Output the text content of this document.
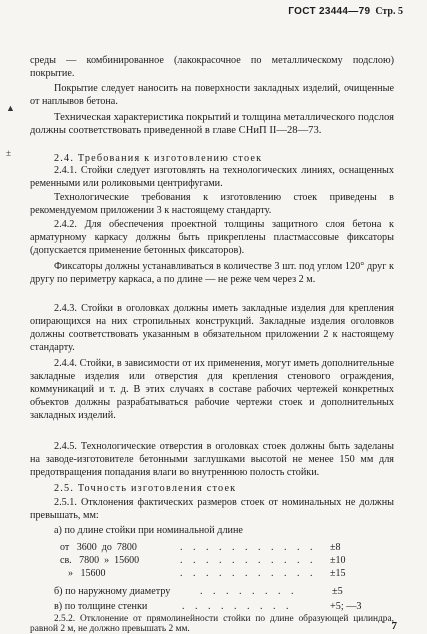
ГОСТ 23444—79 Стр. 5
▲
±
среды — комбинированное (лакокрасочное по металлическому подслою) покрытие.
Покрытие следует наносить на поверхности закладных изделий, очищенные от наплывов бетона.
Техническая характеристика покрытий и толщина металлического подслоя должны соответствовать приведенной в главе СНиП II—28—73.
2.4. Требования к изготовлению стоек
2.4.1. Стойки следует изготовлять на технологических линиях, оснащенных ременными или роликовыми центрифугами.
Технологические требования к изготовлению стоек приведены в рекомендуемом приложении 3 к настоящему стандарту.
2.4.2. Для обеспечения проектной толщины защитного слоя бетона к арматурному каркасу должны быть прикреплены пластмассовые фиксаторы (допускается применение бетонных фиксаторов).
Фиксаторы должны устанавливаться в количестве 3 шт. под углом 120° друг к другу по периметру каркаса, а по длине — не реже чем через 2 м.
2.4.3. Стойки в оголовках должны иметь закладные изделия для крепления опирающихся на них стропильных конструкций. Закладные изделия оголовков должны соответствовать указанным в обязательном приложении 2 к настоящему стандарту.
2.4.4. Стойки, в зависимости от их применения, могут иметь дополнительные закладные изделия или отверстия для крепления стенового ограждения, коммуникаций и т. д. В этих случаях в составе рабочих чертежей конкретных объектов должны разрабатываться рабочие чертежи стоек и дополнительных закладных изделий.
2.4.5. Технологические отверстия в оголовках стоек должны быть заделаны на заводе-изготовителе бетонными заглушками высотой не менее 150 мм для предотвращения попадания влаги во внутреннюю полость стойки.
2.5. Точность изготовления стоек
2.5.1. Отклонения фактических размеров стоек от номинальных не должны превышать, мм:
а) по длине стойки при номинальной длине
от   3600  до  7800	. . . . . . . . . . . ±8
св.   7800  »  15600	. . . . . . . . . . . ±10
»   15600	. . . . . . . . . . . ±15
б) по наружному диаметру	. . . . . . . .	±5
в) по толщине стенки	. . . . . . . . .	+5; —3
2.5.2. Отклонение от прямолинейности стойки по длине образующей цилиндра, равной 2 м, не должно превышать 2 мм.	7
